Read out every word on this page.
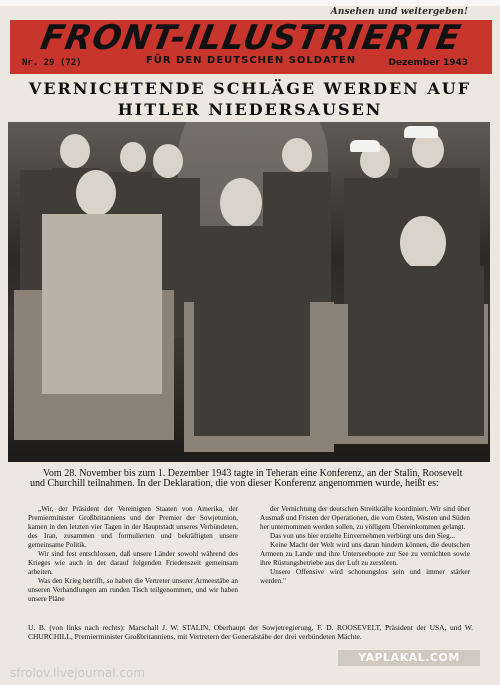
Ansehen und weitergeben!
FRONT-ILLUSTRIERTE
Nr. 29 (72)	FÜR DEN DEUTSCHEN SOLDATEN	Dezember 1943
VERNICHTENDE SCHLÄGE WERDEN AUF HITLER NIEDERSAUSEN

Vom 28. November bis zum 1. Dezember 1943 tagte in Teheran eine Konferenz, an der Stalin, Roosevelt und Churchill teilnahmen. In der Deklaration, die von dieser Konferenz angenommen wurde, heißt es:

„Wir, der Präsident der Vereinigten Staaten von Amerika, der Premierminister Großbritanniens und der Premier der Sowjetunion, kamen in den letzten vier Tagen in der Hauptstadt unseres Verbündeten, des Iran, zusammen und formulierten und bekräftigten unsere gemeinsame Politik.

Wir sind fest entschlossen, daß unsere Länder sowohl während des Krieges wie auch in der darauf folgenden Friedenszeit gemeinsam arbeiten.

Was den Krieg betrifft, so haben die Vertreter unserer Armeestäbe an unseren Verhandlungen am runden Tisch teilgenommen, und wir haben unsere Pläne

der Vernichtung der deutschen Streitkräfte koordiniert. Wir sind über Ausmaß und Fristen der Operationen, die vom Osten, Westen und Süden her unternommen werden sollen, zu völligem Übereinkommen gelangt.

Das von uns hier erzielte Einvernehmen verbürgt uns den Sieg...

Keine Macht der Welt wird uns daran hindern können, die deutschen Armeen zu Lande und ihre Unterseeboote zur See zu vernichten sowie ihre Rüstungsbetriebe aus der Luft zu zerstören.

Unsere Offensive wird schonungslos sein und immer stärker werden."

U. B. (von links nach rechts): Marschall J. W. STALIN, Oberhaupt der Sowjetregierung, F. D. ROOSEVELT, Präsident der USA, und W. CHURCHILL, Premierminister Großbritanniens, mit Vertretern der Generalstäbe der drei verbündeten Mächte.
sfrolov.livejournal.com
YAPLAKAL.COM
